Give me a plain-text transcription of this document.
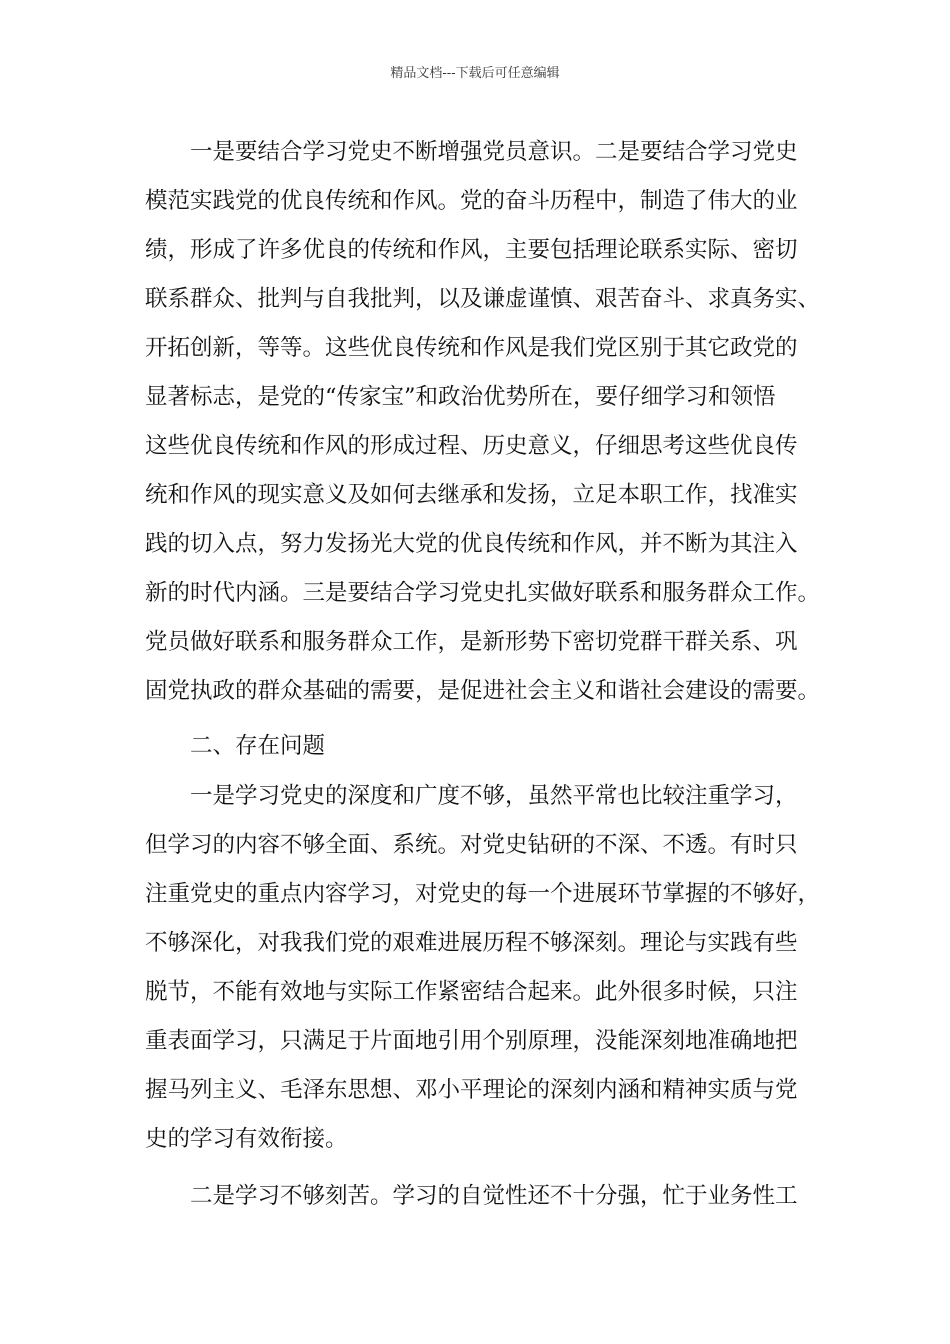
精品文档---下载后可任意编辑
一是要结合学习党史不断增强党员意识。二是要结合学习党史
模范实践党的优良传统和作风。党的奋斗历程中，制造了伟大的业
绩，形成了许多优良的传统和作风，主要包括理论联系实际、密切
联系群众、批判与自我批判，以及谦虚谨慎、艰苦奋斗、求真务实、
开拓创新，等等。这些优良传统和作风是我们党区别于其它政党的
显著标志，是党的“传家宝”和政治优势所在，要仔细学习和领悟
这些优良传统和作风的形成过程、历史意义，仔细思考这些优良传
统和作风的现实意义及如何去继承和发扬，立足本职工作，找准实
践的切入点，努力发扬光大党的优良传统和作风，并不断为其注入
新的时代内涵。三是要结合学习党史扎实做好联系和服务群众工作。
党员做好联系和服务群众工作，是新形势下密切党群干群关系、巩
固党执政的群众基础的需要，是促进社会主义和谐社会建设的需要。
二、存在问题
一是学习党史的深度和广度不够，虽然平常也比较注重学习，
但学习的内容不够全面、系统。对党史钻研的不深、不透。有时只
注重党史的重点内容学习，对党史的每一个进展环节掌握的不够好，
不够深化，对我我们党的艰难进展历程不够深刻。理论与实践有些
脱节，不能有效地与实际工作紧密结合起来。此外很多时候，只注
重表面学习，只满足于片面地引用个别原理，没能深刻地准确地把
握马列主义、毛泽东思想、邓小平理论的深刻内涵和精神实质与党
史的学习有效衔接。
二是学习不够刻苦。学习的自觉性还不十分强，忙于业务性工
